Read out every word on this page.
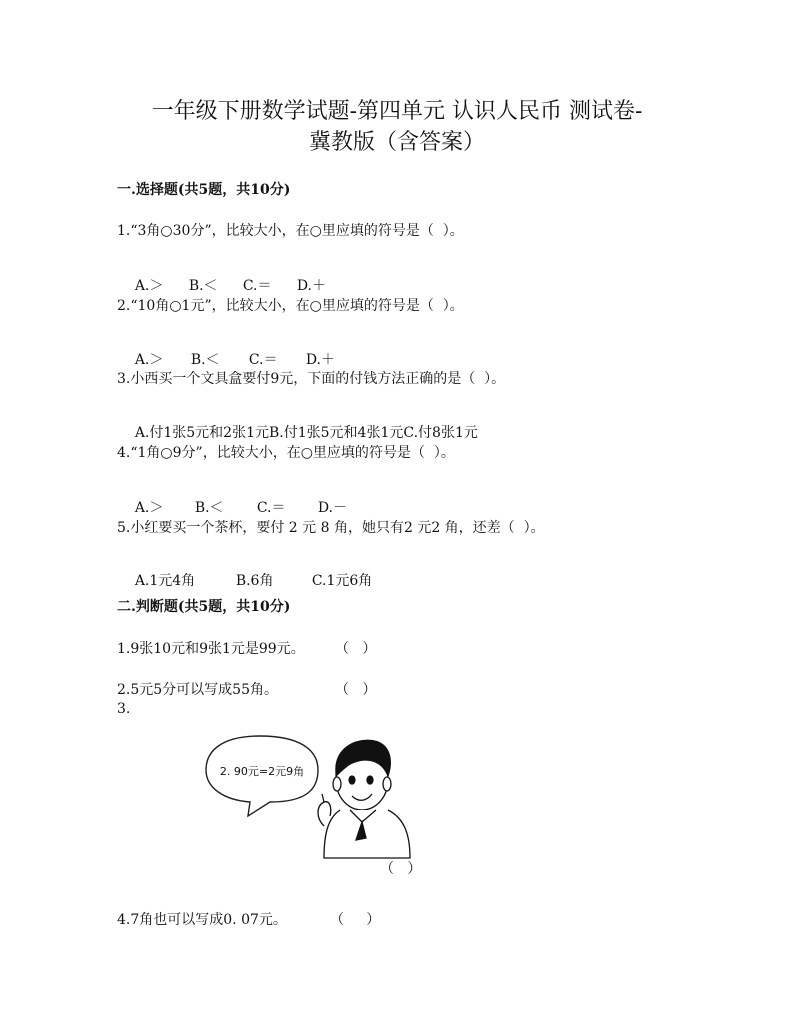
一年级下册数学试题-第四单元 认识人民币 测试卷-
冀教版（含答案）
一.选择题(共5题，共10分)
1.“3角○30分”，比较大小，在○里应填的符号是（  ）。

A.＞ B.＜ C.＝ D.＋

2.“10角○1元”，比较大小，在○里应填的符号是（  ）。

A.＞ B.＜ C.＝ D.＋

3.小西买一个文具盒要付9元，下面的付钱方法正确的是（  ）。

A.付1张5元和2张1元B.付1张5元和4张1元C.付8张1元

4.“1角○9分”，比较大小，在○里应填的符号是（  ）。

A.＞ B.＜ C.＝ D.－

5.小红要买一个茶杯，要付 2 元 8 角，她只有2 元2 角，还差（  ）。

A.1元4角	B.6角	C.1元6角

二.判断题(共5题，共10分)
1.9张10元和9张1元是99元。 （   ）
2.5元5分可以写成55角。	（   ）
3.
2. 90元=2元9角
（   ）
4.7角也可以写成0. 07元。	（     ）
